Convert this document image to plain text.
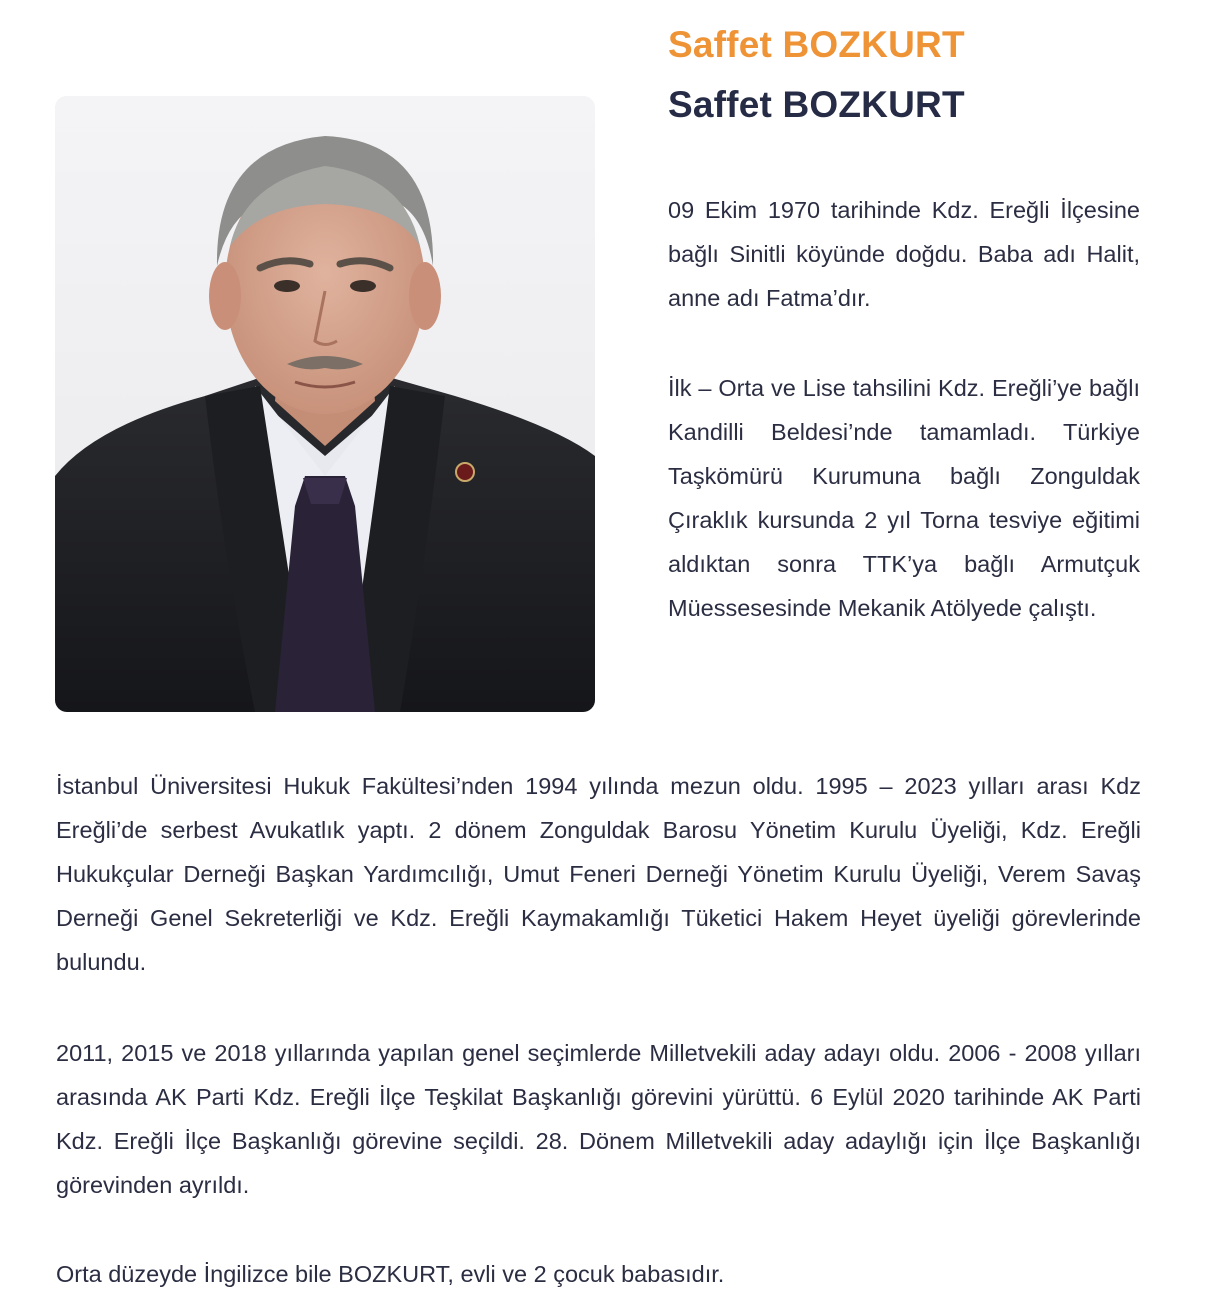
Saffet BOZKURT
Saffet BOZKURT

09 Ekim 1970 tarihinde Kdz. Ereğli İlçesine bağlı Sinitli köyünde doğdu. Baba adı Halit, anne adı Fatma’dır.

İlk – Orta ve Lise tahsilini Kdz. Ereğli’ye bağlı Kandilli Beldesi’nde tamamladı. Türkiye Taşkömürü Kurumuna bağlı Zonguldak Çıraklık kursunda 2 yıl Torna tesviye eğitimi aldıktan sonra TTK’ya bağlı Armutçuk Müessesesinde Mekanik Atölyede çalıştı.

İstanbul Üniversitesi Hukuk Fakültesi’nden 1994 yılında mezun oldu. 1995 – 2023 yılları arası Kdz Ereğli’de serbest Avukatlık yaptı. 2 dönem Zonguldak Barosu Yönetim Kurulu Üyeliği, Kdz. Ereğli Hukukçular Derneği Başkan Yardımcılığı, Umut Feneri Derneği Yönetim Kurulu Üyeliği, Verem Savaş Derneği Genel Sekreterliği ve Kdz. Ereğli Kaymakamlığı Tüketici Hakem Heyet üyeliği görevlerinde bulundu.

2011, 2015 ve 2018 yıllarında yapılan genel seçimlerde Milletvekili aday adayı oldu. 2006 - 2008 yılları arasında AK Parti Kdz. Ereğli İlçe Teşkilat Başkanlığı görevini yürüttü. 6 Eylül 2020 tarihinde AK Parti Kdz. Ereğli İlçe Başkanlığı görevine seçildi. 28. Dönem Milletvekili aday adaylığı için İlçe Başkanlığı görevinden ayrıldı.

Orta düzeyde İngilizce bile BOZKURT, evli ve 2 çocuk babasıdır.
